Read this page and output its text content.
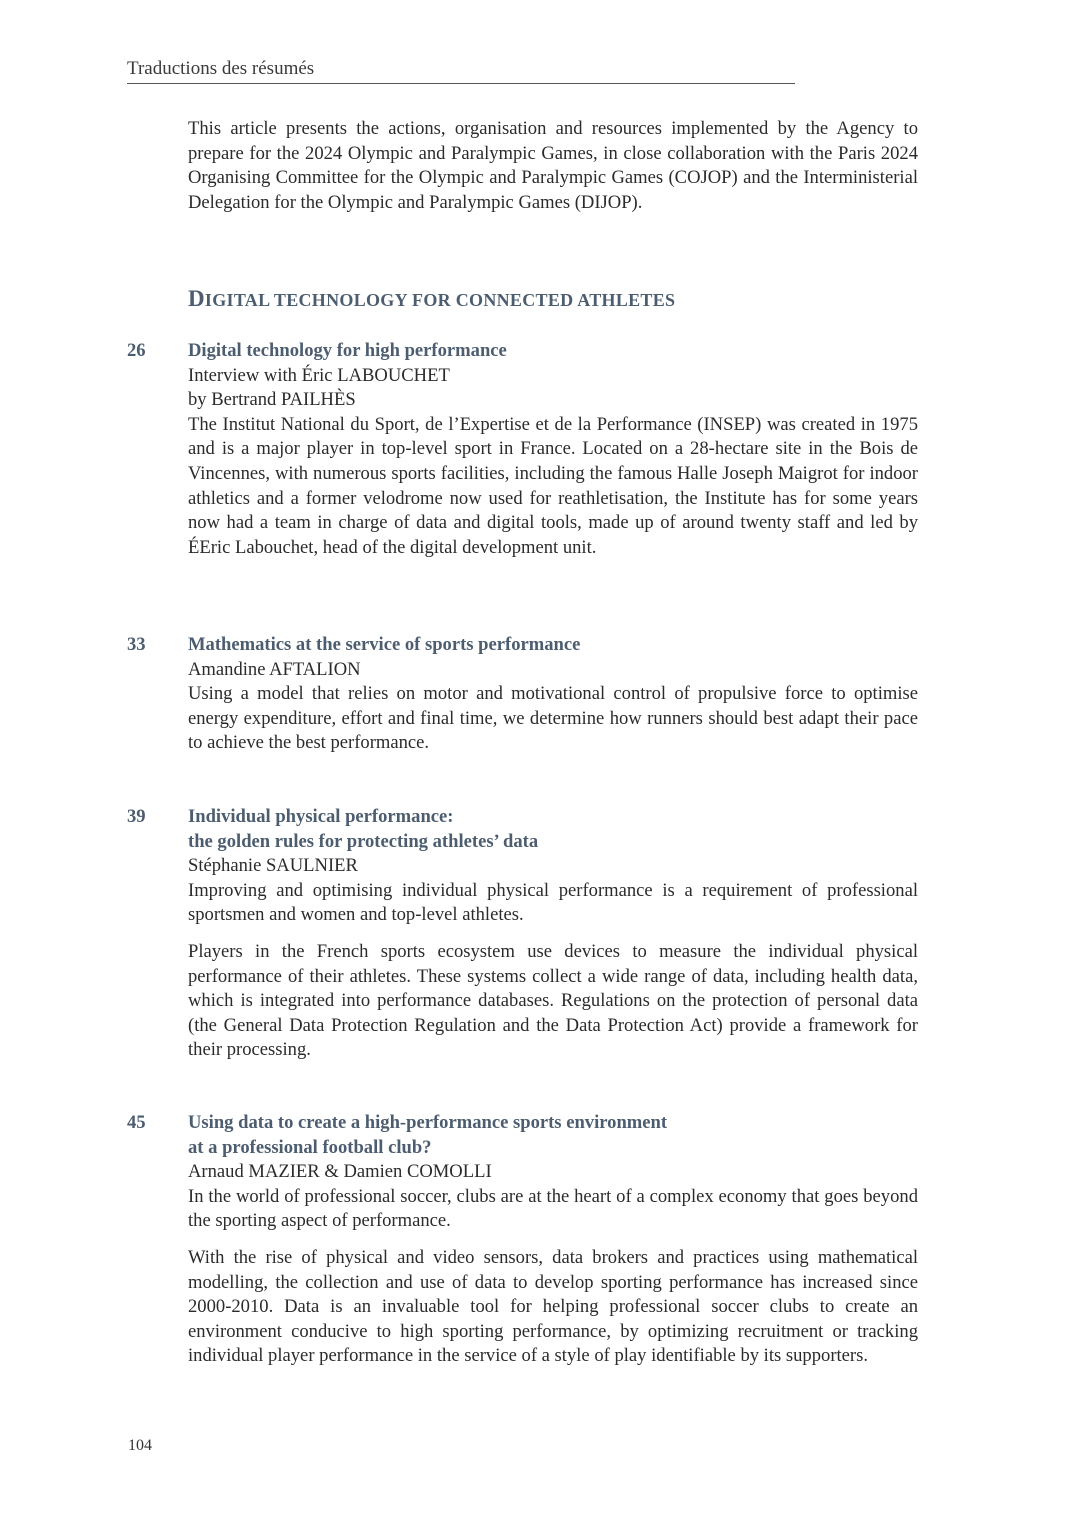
Traductions des résumés

This article presents the actions, organisation and resources implemented by the Agency to prepare for the 2024 Olympic and Paralympic Games, in close collaboration with the Paris 2024 Organising Committee for the Olympic and Paralympic Games (COJOP) and the Interministerial Delegation for the Olympic and Paralympic Games (DIJOP).

DIGITAL TECHNOLOGY FOR CONNECTED ATHLETES
26	Digital technology for high performance
Interview with Éric LABOUCHET
by Bertrand PAILHÈS

The Institut National du Sport, de l’Expertise et de la Performance (INSEP) was created in 1975 and is a major player in top-level sport in France. Located on a 28-hectare site in the Bois de Vincennes, with numerous sports facilities, including the famous Halle Joseph Maigrot for indoor athletics and a former velodrome now used for reathletisation, the Institute has for some years now had a team in charge of data and digital tools, made up of around twenty staff and led by ÉEric Labouchet, head of the digital development unit.

33	Mathematics at the service of sports performance
Amandine AFTALION

Using a model that relies on motor and motivational control of propulsive force to optimise energy expenditure, effort and final time, we determine how runners should best adapt their pace to achieve the best performance.

39	Individual physical performance:
the golden rules for protecting athletes’ data
Stéphanie SAULNIER

Improving and optimising individual physical performance is a requirement of professional sportsmen and women and top-level athletes.

Players in the French sports ecosystem use devices to measure the individual physical performance of their athletes. These systems collect a wide range of data, including health data, which is integrated into performance databases. Regulations on the protection of personal data (the General Data Protection Regulation and the Data Protection Act) provide a framework for their processing.

45	Using data to create a high-performance sports environment
at a professional football club?
Arnaud MAZIER & Damien COMOLLI

In the world of professional soccer, clubs are at the heart of a complex economy that goes beyond the sporting aspect of performance.

With the rise of physical and video sensors, data brokers and practices using mathematical modelling, the collection and use of data to develop sporting performance has increased since 2000-2010. Data is an invaluable tool for helping professional soccer clubs to create an environment conducive to high sporting performance, by optimizing recruitment or tracking individual player performance in the service of a style of play identifiable by its supporters.

104
